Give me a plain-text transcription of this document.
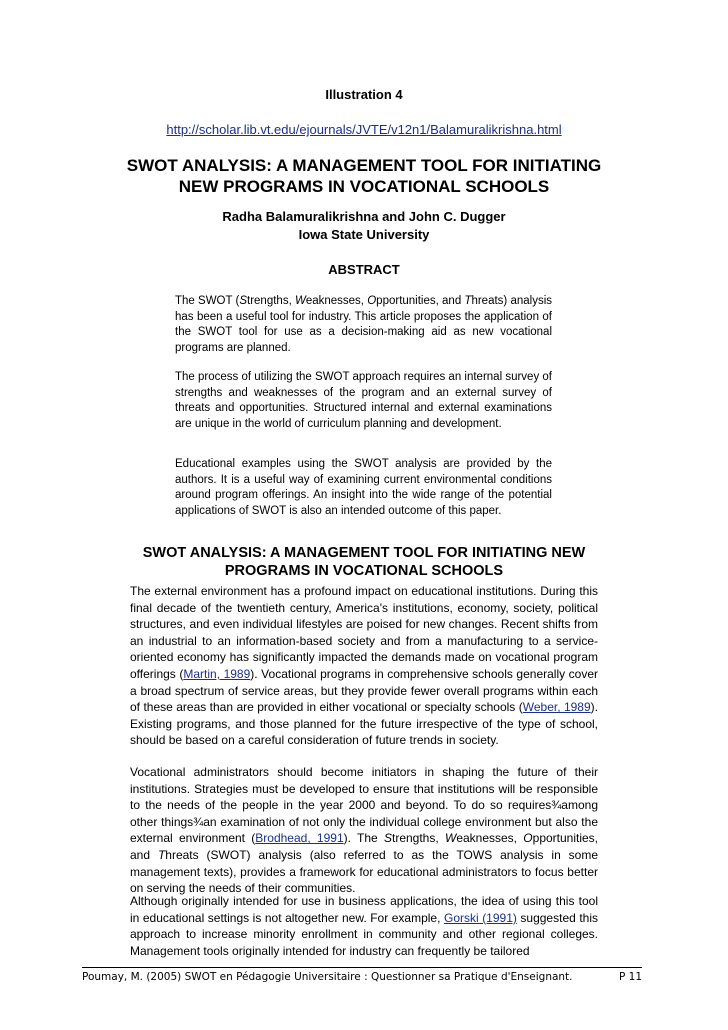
Illustration 4
http://scholar.lib.vt.edu/ejournals/JVTE/v12n1/Balamuralikrishna.html
SWOT ANALYSIS: A MANAGEMENT TOOL FOR INITIATING
NEW PROGRAMS IN VOCATIONAL SCHOOLS
Radha Balamuralikrishna and John C. Dugger
Iowa State University
ABSTRACT
The SWOT (Strengths, Weaknesses, Opportunities, and Threats) analysis has been a useful tool for industry. This article proposes the application of the SWOT tool for use as a decision-making aid as new vocational programs are planned.
The process of utilizing the SWOT approach requires an internal survey of strengths and weaknesses of the program and an external survey of threats and opportunities. Structured internal and external examinations are unique in the world of curriculum planning and development.
Educational examples using the SWOT analysis are provided by the authors. It is a useful way of examining current environmental conditions around program offerings. An insight into the wide range of the potential applications of SWOT is also an intended outcome of this paper.
SWOT ANALYSIS: A MANAGEMENT TOOL FOR INITIATING NEW
PROGRAMS IN VOCATIONAL SCHOOLS
The external environment has a profound impact on educational institutions. During this final decade of the twentieth century, America's institutions, economy, society, political structures, and even individual lifestyles are poised for new changes. Recent shifts from an industrial to an information-based society and from a manufacturing to a service-oriented economy has significantly impacted the demands made on vocational program offerings (Martin, 1989). Vocational programs in comprehensive schools generally cover a broad spectrum of service areas, but they provide fewer overall programs within each of these areas than are provided in either vocational or specialty schools (Weber, 1989). Existing programs, and those planned for the future irrespective of the type of school, should be based on a careful consideration of future trends in society.
Vocational administrators should become initiators in shaping the future of their institutions. Strategies must be developed to ensure that institutions will be responsible to the needs of the people in the year 2000 and beyond. To do so requires¾among other things¾an examination of not only the individual college environment but also the external environment (Brodhead, 1991). The Strengths, Weaknesses, Opportunities, and Threats (SWOT) analysis (also referred to as the TOWS analysis in some management texts), provides a framework for educational administrators to focus better on serving the needs of their communities.
Although originally intended for use in business applications, the idea of using this tool in educational settings is not altogether new. For example, Gorski (1991) suggested this approach to increase minority enrollment in community and other regional colleges. Management tools originally intended for industry can frequently be tailored
Poumay, M. (2005) SWOT en Pédagogie Universitaire : Questionner sa Pratique d'Enseignant.	P 11
